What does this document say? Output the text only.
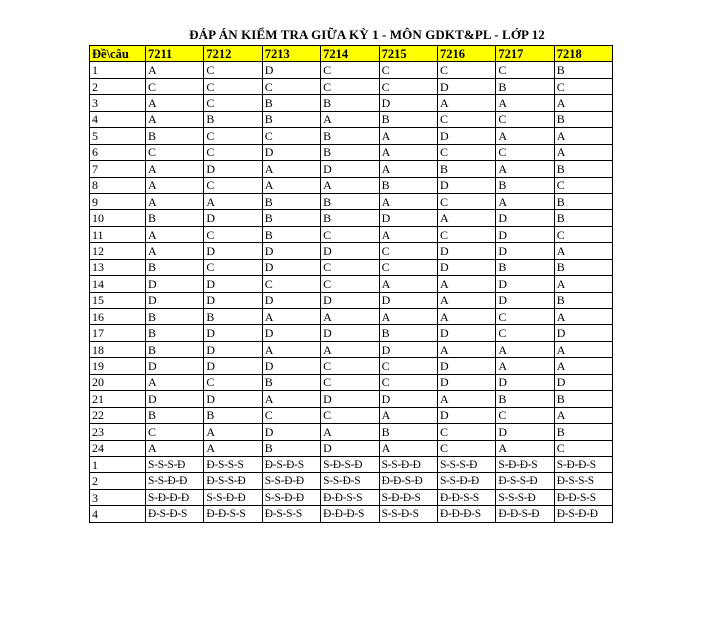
ĐÁP ÁN KIỂM TRA GIỮA KỲ 1 - MÔN GDKT&PL - LỚP 12
Đề\câu	7211	7212	7213	7214	7215	7216	7217	7218
1	A	C	D	C	C	C	C	B
2	C	C	C	C	C	D	B	C
3	A	C	B	B	D	A	A	A
4	A	B	B	A	B	C	C	B
5	B	C	C	B	A	D	A	A
6	C	C	D	B	A	C	C	A
7	A	D	A	D	A	B	A	B
8	A	C	A	A	B	D	B	C
9	A	A	B	B	A	C	A	B
10	B	D	B	B	D	A	D	B
11	A	C	B	C	A	C	D	C
12	A	D	D	D	C	D	D	A
13	B	C	D	C	C	D	B	B
14	D	D	C	C	A	A	D	A
15	D	D	D	D	D	A	D	B
16	B	B	A	A	A	A	C	A
17	B	D	D	D	B	D	C	D
18	B	D	A	A	D	A	A	A
19	D	D	D	C	C	D	A	A
20	A	C	B	C	C	D	D	D
21	D	D	A	D	D	A	B	B
22	B	B	C	C	A	D	C	A
23	C	A	D	A	B	C	D	B
24	A	A	B	D	A	C	A	C
1	S-S-S-Đ	Đ-S-S-S	Đ-S-Đ-S	S-Đ-S-Đ	S-S-Đ-Đ	S-S-S-Đ	S-Đ-Đ-S	S-Đ-Đ-S
2	S-S-Đ-Đ	Đ-S-S-Đ	S-S-Đ-Đ	S-S-Đ-S	Đ-Đ-S-Đ	S-S-Đ-Đ	Đ-S-S-Đ	Đ-S-S-S
3	S-Đ-Đ-Đ	S-S-Đ-Đ	S-S-Đ-Đ	Đ-Đ-S-S	S-Đ-Đ-S	Đ-Đ-S-S	S-S-S-Đ	Đ-Đ-S-S
4	Đ-S-Đ-S	Đ-Đ-S-S	Đ-S-S-S	Đ-Đ-Đ-S	S-S-Đ-S	Đ-Đ-Đ-S	Đ-Đ-S-Đ	Đ-S-Đ-Đ
